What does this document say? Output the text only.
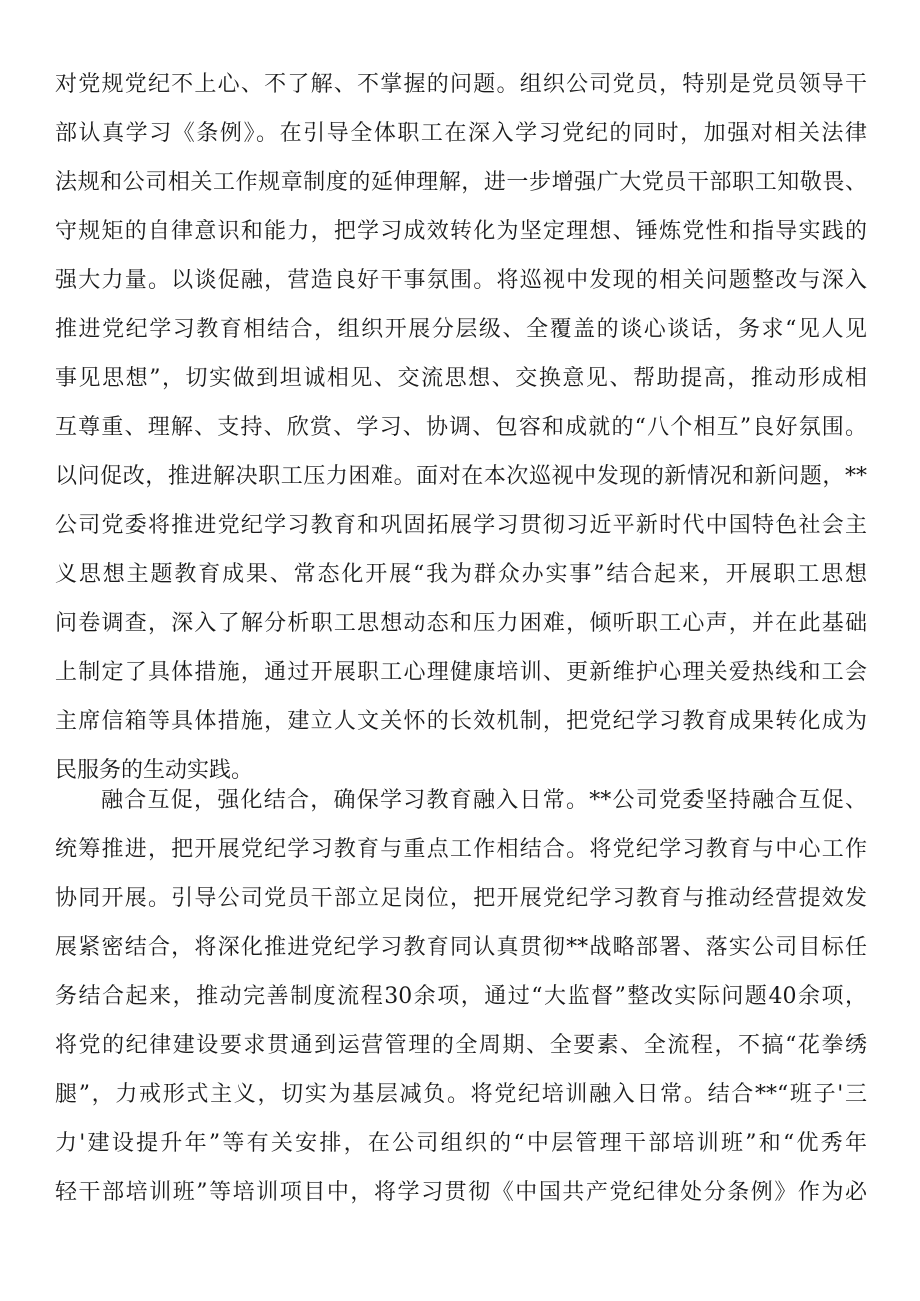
对党规党纪不上心、不了解、不掌握的问题。组织公司党员，特别是党员领导干
部认真学习《条例》。在引导全体职工在深入学习党纪的同时，加强对相关法律
法规和公司相关工作规章制度的延伸理解，进一步增强广大党员干部职工知敬畏、
守规矩的自律意识和能力，把学习成效转化为坚定理想、锤炼党性和指导实践的
强大力量。以谈促融，营造良好干事氛围。将巡视中发现的相关问题整改与深入
推进党纪学习教育相结合，组织开展分层级、全覆盖的谈心谈话，务求“见人见
事见思想”，切实做到坦诚相见、交流思想、交换意见、帮助提高，推动形成相
互尊重、理解、支持、欣赏、学习、协调、包容和成就的“八个相互”良好氛围。
以问促改，推进解决职工压力困难。面对在本次巡视中发现的新情况和新问题，**
公司党委将推进党纪学习教育和巩固拓展学习贯彻习近平新时代中国特色社会主
义思想主题教育成果、常态化开展“我为群众办实事”结合起来，开展职工思想
问卷调查，深入了解分析职工思想动态和压力困难，倾听职工心声，并在此基础
上制定了具体措施，通过开展职工心理健康培训、更新维护心理关爱热线和工会
主席信箱等具体措施，建立人文关怀的长效机制，把党纪学习教育成果转化成为
民服务的生动实践。
融合互促，强化结合，确保学习教育融入日常。**公司党委坚持融合互促、
统筹推进，把开展党纪学习教育与重点工作相结合。将党纪学习教育与中心工作
协同开展。引导公司党员干部立足岗位，把开展党纪学习教育与推动经营提效发
展紧密结合，将深化推进党纪学习教育同认真贯彻**战略部署、落实公司目标任
务结合起来，推动完善制度流程30余项，通过“大监督”整改实际问题40余项，
将党的纪律建设要求贯通到运营管理的全周期、全要素、全流程，不搞“花拳绣
腿”，力戒形式主义，切实为基层减负。将党纪培训融入日常。结合**“班子'三
力'建设提升年”等有关安排，在公司组织的“中层管理干部培训班”和“优秀年
轻干部培训班”等培训项目中，将学习贯彻《中国共产党纪律处分条例》作为必
